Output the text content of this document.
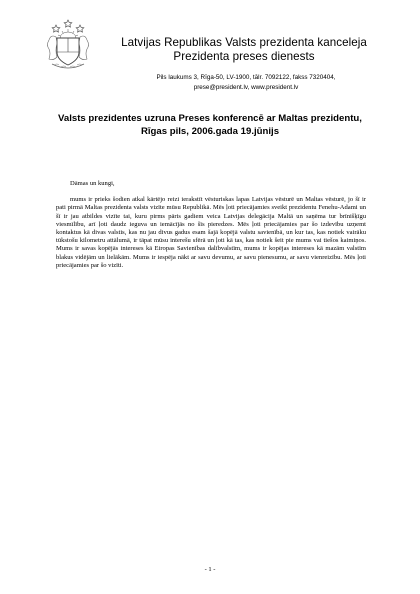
Latvijas Republikas Valsts prezidenta kanceleja
Prezidenta preses dienests
Pils laukums 3, Rīga-50, LV-1900, tālr. 7092122, fakss 7320404,
prese@president.lv, www.president.lv
Valsts prezidentes uzruna Preses konferencē ar Maltas prezidentu,
Rīgas pils, 2006.gada 19.jūnijs

Dāmas un kungi,

mums ir prieks šodien atkal kārtējo reizi ierakstīt vēsturiskas lapas Latvijas vēsturē un Maltas vēsturē, jo šī ir pati pirmā Maltas prezidenta valsts vizīte mūsu Republikā. Mēs ļoti priecājamies sveikt prezidentu Fenehu-Adami un šī ir jau atbildes vizīte tai, kuru pirms pāris gadiem veica Latvijas delegācija Maltā un saņēma tur brīnišķīgu viesmīlību, arī ļoti daudz ieguva un iemācījās no šīs pieredzes. Mēs ļoti priecājamies par šo izdevību uzņemt kontaktus kā divas valstis, kas nu jau divus gadus esam šajā kopējā valstu savienībā, un kur tas, kas notiek vairāku tūkstošu kilometru attālumā, ir tāpat mūsu interešu sfērā un ļoti kā tas, kas notiek šeit pie mums vai tiešos kaimiņos. Mums ir savas kopējās intereses kā Eiropas Savienības dalībvalstīm, mums ir kopējas intereses kā mazām valstīm blakus vidējām un lielākām. Mums ir iespēja nākt ar savu devumu, ar savu pienesumu, ar savu vienreizību. Mēs ļoti priecājamies par šo vizīti.

- 1 -
